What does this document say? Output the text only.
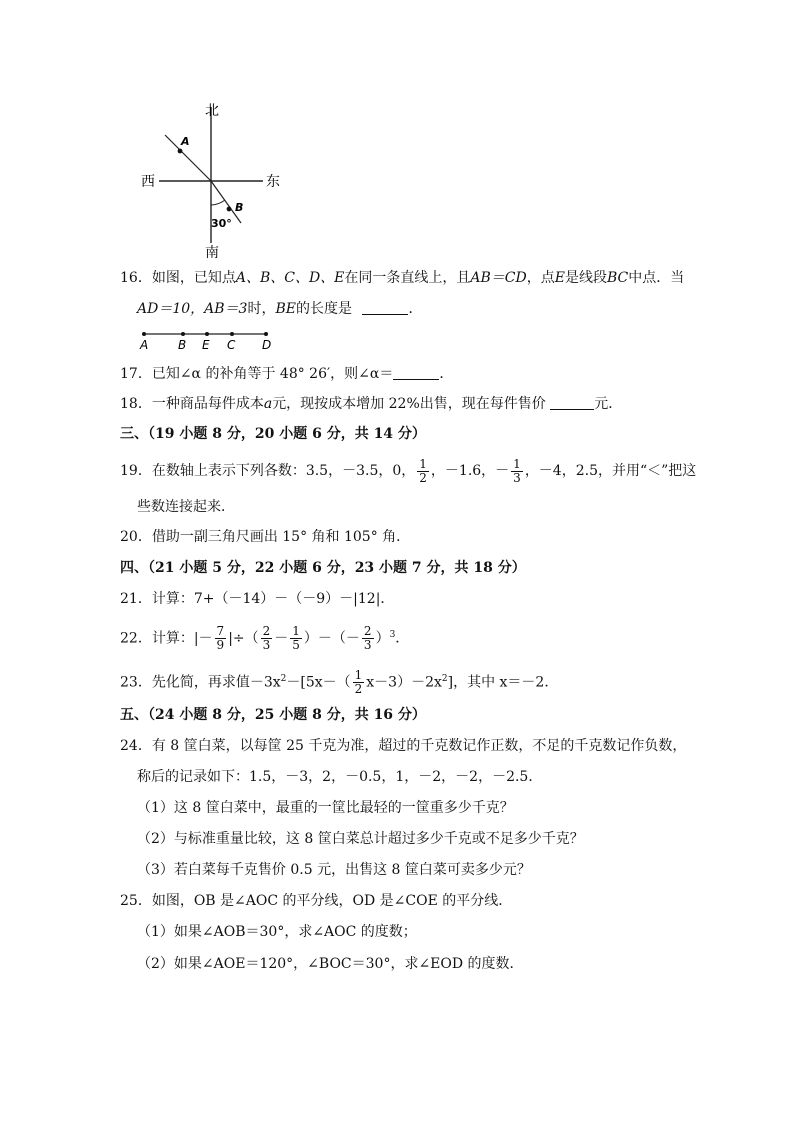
北
南
西	东
A
B
30°
16．如图，已知点A、B、C、D、E在同一条直线上，且AB＝CD，点E是线段BC中点．当
AD＝10，AB＝3时，BE的长度是	．
A B E C D
17．已知∠α 的补角等于 48° 26′，则∠α＝	．
18．一种商品每件成本a元，现按成本增加 22%出售，现在每件售价	元．
三、（19 小题 8 分，20 小题 6 分，共 14 分）
19．在数轴上表示下列各数：3.5，－3.5，0， $\frac{1}{2}$ ，－1.6，－ $\frac{1}{3}$ ，－4，2.5，并用“＜”把这
些数连接起来．
20．借助一副三角尺画出 15° 角和 105° 角．
四、（21 小题 5 分，22 小题 6 分，23 小题 7 分，共 18 分）
21．计算：7+（－14）－（－9）－|12|．
22．计算：|－ $\frac{7}{9}$ |÷（ $\frac{2}{3} - \frac{1}{5}$ ）－（－ $\frac{2}{3} )^3$．
23．先化简，再求值$-3x^2-[5x-( \frac{1}{2} x-3)-2x^2]$，其中 x＝－2．
五、（24 小题 8 分，25 小题 8 分，共 16 分）
24．有 8 筐白菜，以每筐 25 千克为准，超过的千克数记作正数，不足的千克数记作负数，
称后的记录如下：1.5，－3，2，－0.5，1，－2，－2，－2.5．
（1）这 8 筐白菜中，最重的一筐比最轻的一筐重多少千克？
（2）与标准重量比较，这 8 筐白菜总计超过多少千克或不足多少千克？
（3）若白菜每千克售价 0.5 元，出售这 8 筐白菜可卖多少元？
25．如图，OB 是∠AOC 的平分线，OD 是∠COE 的平分线．
（1）如果∠AOB＝30°，求∠AOC 的度数；
（2）如果∠AOE＝120°，∠BOC＝30°，求∠EOD 的度数．
